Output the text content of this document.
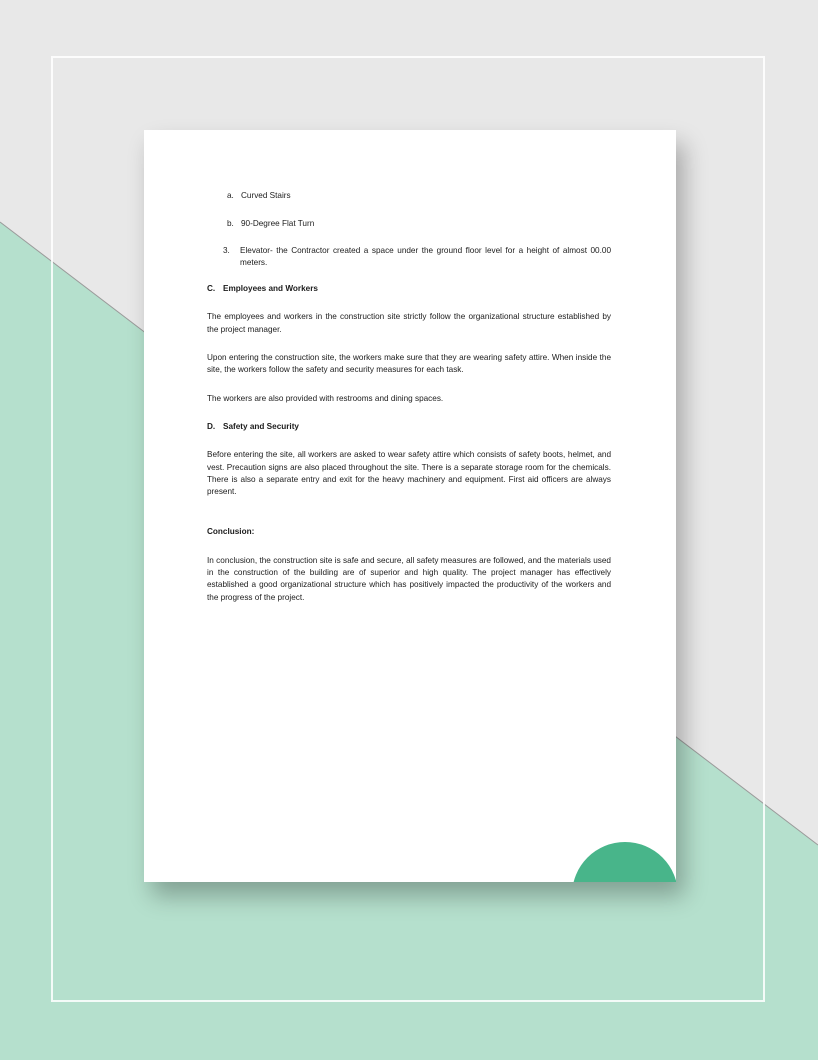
a. Curved Stairs

b. 90-Degree Flat Turn

3. Elevator- the Contractor created a space under the ground floor level for a height of almost 00.00 meters.

C. Employees and Workers

The employees and workers in the construction site strictly follow the organizational structure established by the project manager.

Upon entering the construction site, the workers make sure that they are wearing safety attire. When inside the site, the workers follow the safety and security measures for each task.

The workers are also provided with restrooms and dining spaces.

D. Safety and Security

Before entering the site, all workers are asked to wear safety attire which consists of safety boots, helmet, and vest. Precaution signs are also placed throughout the site. There is a separate storage room for the chemicals. There is also a separate entry and exit for the heavy machinery and equipment. First aid officers are always present.

Conclusion:

In conclusion, the construction site is safe and secure, all safety measures are followed, and the materials used in the construction of the building are of superior and high quality. The project manager has effectively established a good organizational structure which has positively impacted the productivity of the workers and the progress of the project.
